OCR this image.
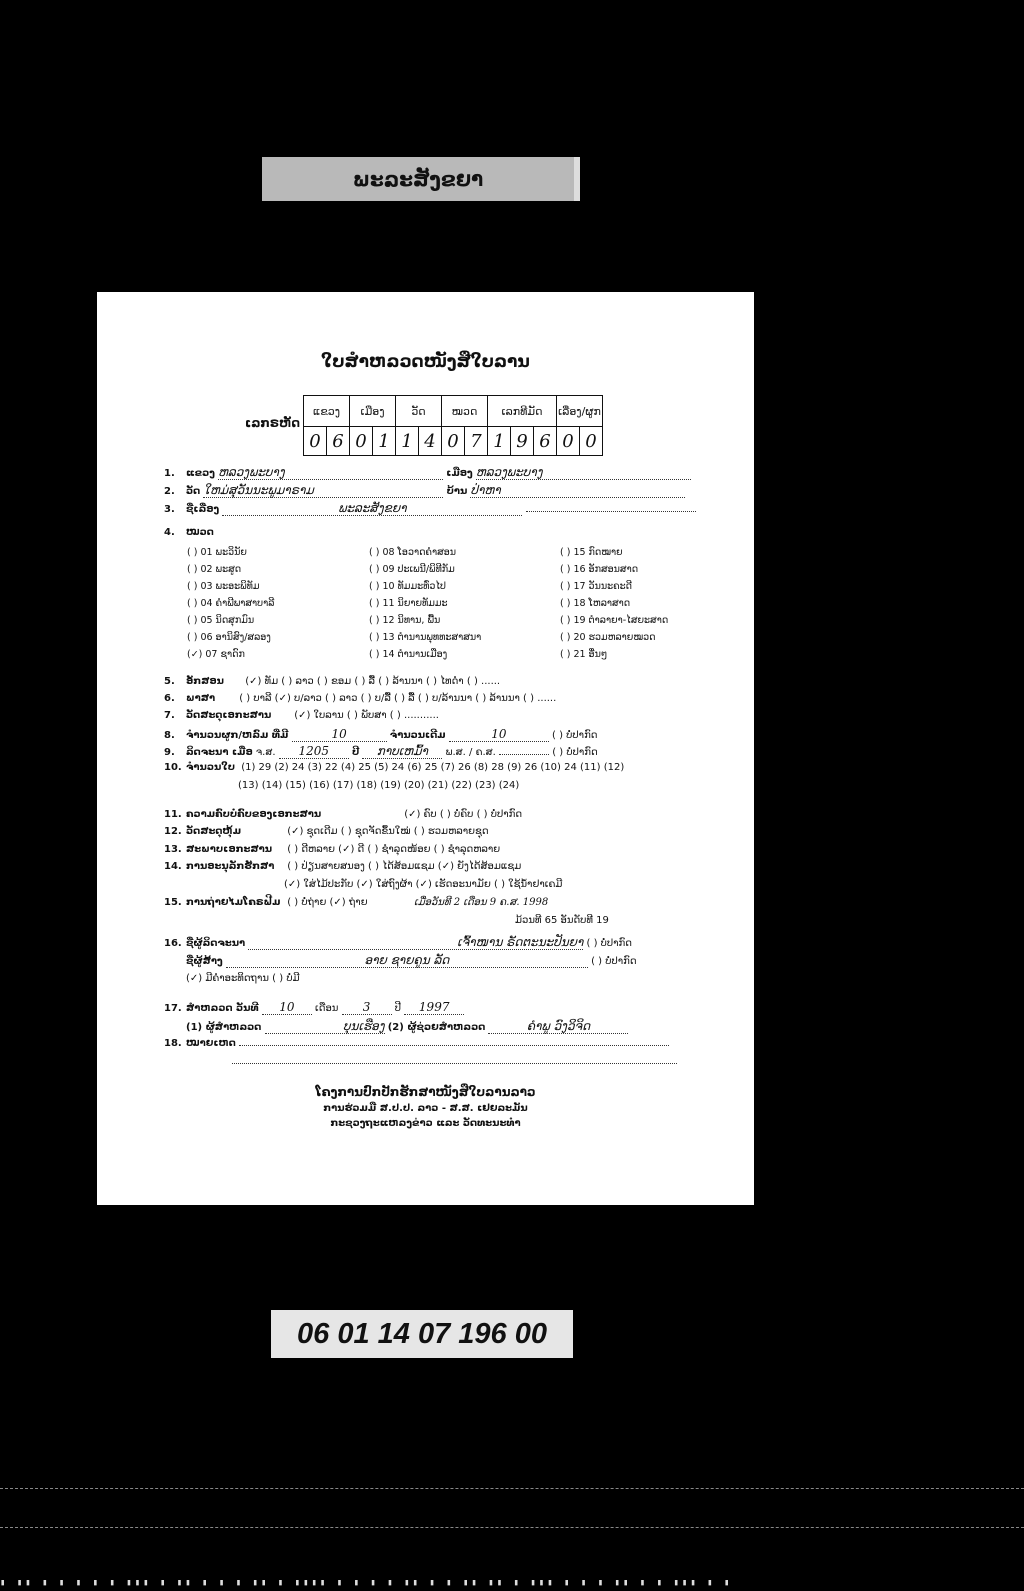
ພະລະສັງຂຍາ
ໃບສໍາຫລວດໜັງສືໃບລານ
ເລກຣຫັດ
ແຂວງ		ເມືອງ		ວັດ		ໝວດ		ເລກທີມັດ			ເລື່ອງ/ຜູກ	
0	6	0	1	1	4	0	7	1	9	6	0	0
1. ແຂວງ ຫລວງພະບາງ	ເມືອງ ຫລວງພະບາງ
2. ວັດ ໃຫມ່ສຸວັນນະພູມາຣາມ	ບ້ານ ປ່າຫາ
3. ຊື່ເລື່ອງ	ພະລະສັງຂຍາ
4. ໝວດ
( ) 01 ພະວິນັຍ
( ) 02 ພະສູດ
( ) 03 ພະອະພິທັມ
( ) 04 ຄໍາພີພາສາບາລີ
( ) 05 ນິດສຸກມົນ
( ) 06 ອານິສົງ/ສລອງ
(✓) 07 ຊາດົກ
( ) 08 ໂອວາດຄໍາສອນ
( ) 09 ປະເພນີ/ພິທີກັມ
( ) 10 ທັມມະທົ່ວໄປ
( ) 11 ນິຍາຍທັມມະ
( ) 12 ນິທານ, ພື້ນ
( ) 13 ຕໍານານພຸທທະສາສນາ
( ) 14 ຕໍານານເມືອງ
( ) 15 ກົດໝາຍ
( ) 16 ອັກສອນສາດ
( ) 17 ວັນນະຄະດີ
( ) 18 ໂຫລາສາດ
( ) 19 ຕໍາລາຍາ-ໄສຍະສາດ
( ) 20 ຮວມຫລາຍໝວດ
( ) 21 ອື່ນໆ
5. ອັກສອນ (✓) ທັມ ( ) ລາວ ( ) ຂອມ ( ) ລື້ ( ) ລ້ານນາ ( ) ໄທດໍາ ( ) ......
6. ພາສາ ( ) ບາລີ (✓) ບ/ລາວ ( ) ລາວ ( ) ບ/ລື້ ( ) ລື້ ( ) ບ/ລ້ານນາ ( ) ລ້ານນາ ( ) ......
7. ວັດສະດຸເອກະສານ (✓) ໃບລານ ( ) ພັບສາ ( ) ...........
8. ຈໍານວນຜູກ/ຫລົມ ທີ່ມີ	10	ຈໍານວນເດີມ	10	( ) ບໍ່ປາກົດ
9. ລິດຈະນາ ເມື່ອ ຈ.ສ. 1205 ປີ ກາບເຫມົ້າ ພ.ສ. / ຄ.ສ.	( ) ບໍ່ປາກົດ
10. ຈໍານວນໃບ (1) 29 (2) 24 (3) 22 (4) 25 (5) 24 (6) 25 (7) 26 (8) 28 (9) 26 (10) 24 (11) (12)
(13) (14) (15) (16) (17) (18) (19) (20) (21) (22) (23) (24)
11. ຄວາມຄົບບໍ່ຄົບຂອງເອກະສານ	(✓) ຄົບ ( ) ບໍ່ຄົບ ( ) ບໍ່ປາກົດ
12. ວັດສະດຸຫຸ້ມ	(✓) ຊຸດເດີມ ( ) ຊຸດຈັດຂຶ້ນໃໝ່ ( ) ຮວມຫລາຍຊຸດ
13. ສະພາບເອກະສານ ( ) ດີຫລາຍ (✓) ດີ ( ) ຊໍາລຸດໜ້ອຍ ( ) ຊໍາລຸດຫລາຍ
14. ການອະນຸລັກຮັກສາ ( ) ປ່ຽນສາຍສນອງ ( ) ໄດ້ສ້ອມແຊມ (✓) ຍັງໄດ້ສ້ອມແຊມ
(✓) ໃສ່ໄມ້ປະກັບ (✓) ໃສ່ຖົງຜ້າ (✓) ເຮັດອະນາມັຍ ( ) ໃຊ້ນໍ້າຢາເຄມີ
15. ການຖ່າຍໄມໂຄຣຟີມ ( ) ບໍ່ຖ່າຍ (✓) ຖ່າຍ	ເມື່ອວັນທີ 2 ເດືອນ 9 ຄ.ສ. 1998
ມ້ວນທີ 65 ອັນດັບທີ 19
16. ຊື່ຜູ້ລິດຈະນາ	ເຈົ້າໜານ ຣັດຕະນະປັນຍາ ( ) ບໍ່ປາກົດ
ຊື່ຜູ້ສ້າງ	ອາຍ ຊາຍຄູນ ລັດ	( ) ບໍ່ປາກົດ
(✓) ມີຄໍາອະທິດຖານ ( ) ບໍ່ມີ
17. ສໍາຫລວດ ວັນທີ 10 ເດືອນ 3 ປີ 1997
(1) ຜູ້ສໍາຫລວດ	ບຸນເຮືອງ (2) ຜູ້ຊ່ວຍສໍາຫລວດ	ຄໍາພູ ວົງວິຈິດ
18. ໝາຍເຫດ
ໂຄງການປົກປັກຮັກສາໜັງສືໃບລານລາວ
ການຮ່ວມມື ສ.ປ.ປ. ລາວ - ສ.ສ. ເຢຍລະມັນ
ກະຊວງຖະແຫລງຂ່າວ ແລະ ວັດທະນະທໍາ
06 01 14 07 196 00
▮ ▮▮ ▮ ▮ ▮ ▮ ▮ ▮▮▮ ▮ ▮▮ ▮ ▮ ▮ ▮▮ ▮ ▮▮▮▮ ▮ ▮ ▮ ▮ ▮▮ ▮ ▮ ▮▮ ▮▮ ▮ ▮▮▮ ▮ ▮ ▮ ▮▮ ▮ ▮ ▮▮▮ ▮ ▮
